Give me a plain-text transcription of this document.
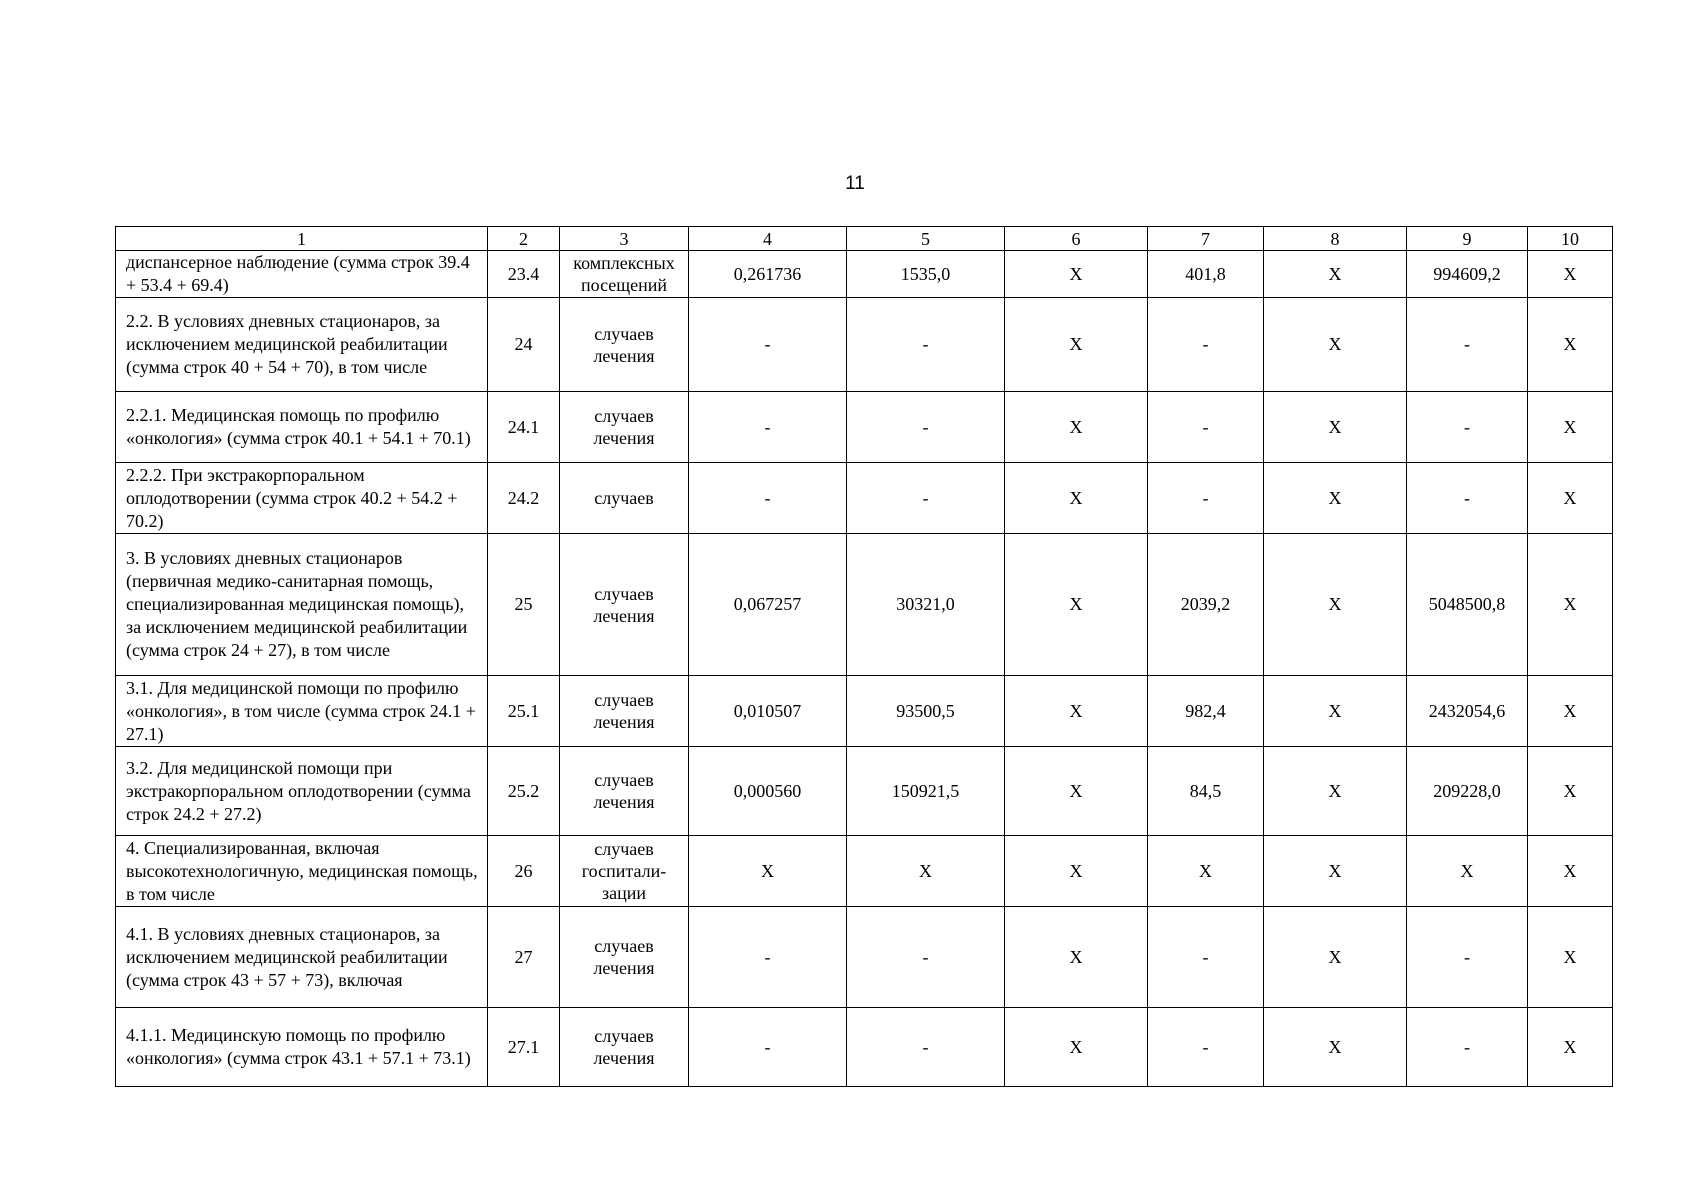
11
1	2	3	4	5	6	7	8	9	10
диспансерное наблюдение (сумма строк 39.4 + 53.4 + 69.4)	23.4	комплексных посещений	0,261736	1535,0	X	401,8	X	994609,2	X
2.2. В условиях дневных стационаров, за исключением медицинской реабилитации (сумма строк 40 + 54 + 70), в том числе	24	случаев лечения	-	-	X	-	X	-	X
2.2.1. Медицинская помощь по профилю «онкология» (сумма строк 40.1 + 54.1 + 70.1)	24.1	случаев лечения	-	-	X	-	X	-	X
2.2.2. При экстракорпоральном оплодотворении (сумма строк 40.2 + 54.2 + 70.2)	24.2	случаев	-	-	X	-	X	-	X
3. В условиях дневных стационаров (первичная медико-санитарная помощь, специализированная медицинская помощь), за исключением медицинской реабилитации (сумма строк 24 + 27), в том числе	25	случаев лечения	0,067257	30321,0	X	2039,2	X	5048500,8	X
3.1. Для медицинской помощи по профилю «онкология», в том числе (сумма строк 24.1 + 27.1)	25.1	случаев лечения	0,010507	93500,5	X	982,4	X	2432054,6	X
3.2. Для медицинской помощи при экстракорпоральном оплодотворении (сумма строк 24.2 + 27.2)	25.2	случаев лечения	0,000560	150921,5	X	84,5	X	209228,0	X
4. Специализированная, включая высокотехнологичную, медицинская помощь, в том числе	26	случаев госпитали-зации	X	X	X	X	X	X	X
4.1. В условиях дневных стационаров, за исключением медицинской реабилитации (сумма строк 43 + 57 + 73), включая	27	случаев лечения	-	-	X	-	X	-	X
4.1.1. Медицинскую помощь по профилю «онкология» (сумма строк 43.1 + 57.1 + 73.1)	27.1	случаев лечения	-	-	X	-	X	-	X
